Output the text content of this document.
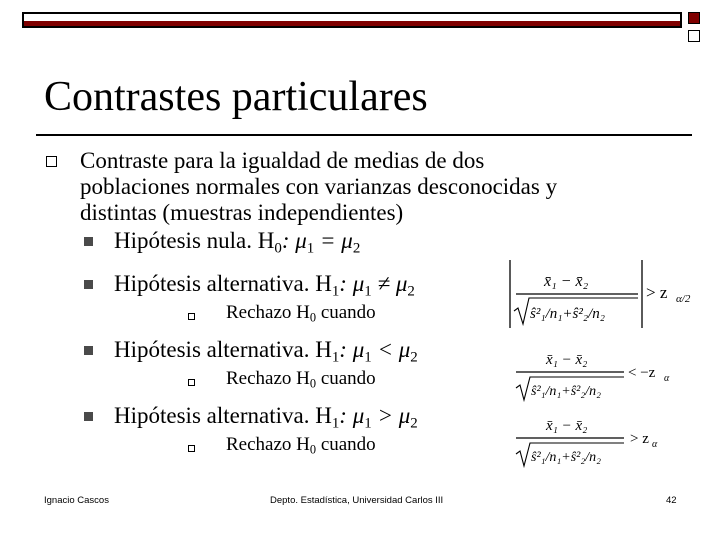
Contrastes particulares
Contraste para la igualdad de medias de dos
poblaciones normales con varianzas desconocidas y
distintas (muestras independientes)
Hipótesis nula. $H_0$: $\mu_1 = \mu_2$
Hipótesis alternativa. $H_1$: $\mu_1 \ne \mu_2$
Rechazo $H_0$ cuando
x̄₁ − x̄₂
ŝ²₁/n₁+ŝ²₂/n₂
> z α/2
Hipótesis alternativa. $H_1$: $\mu_1 < \mu_2$
Rechazo $H_0$ cuando
x̄₁ − x̄₂
ŝ²₁/n₁+ŝ²₂/n₂
< −z α
Hipótesis alternativa. $H_1$: $\mu_1 > \mu_2$
Rechazo $H_0$ cuando
x̄₁ − x̄₂
ŝ²₁/n₁+ŝ²₂/n₂
> z α
Ignacio Cascos	Depto. Estadística, Universidad Carlos III	42
